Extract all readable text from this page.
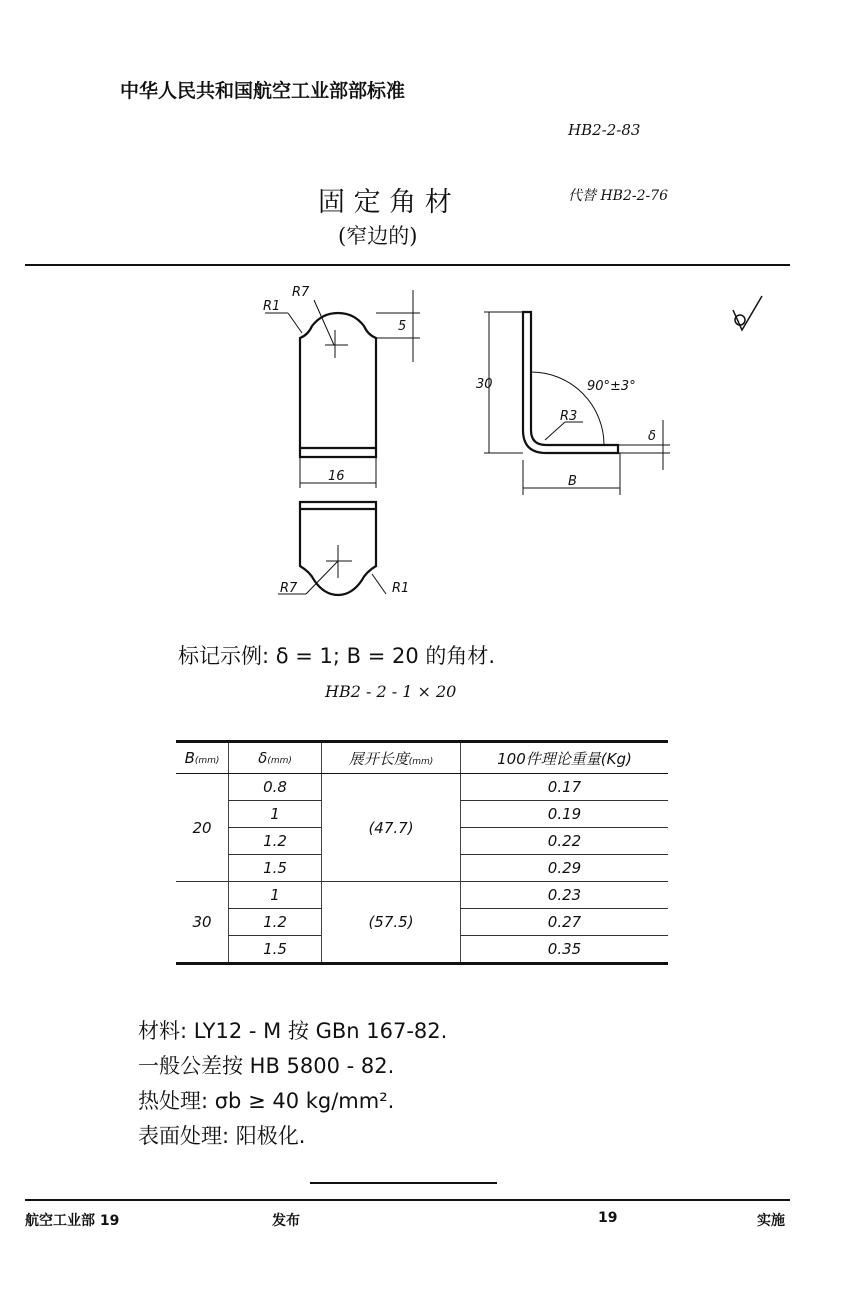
中华人民共和国航空工业部部标准
HB2-2-83
固 定 角 材	代替 HB2-2-76
(窄边的)
R7
R1
5
16
R7	R1
30	90°±3°
R3
δ
B
标记示例: δ = 1; B = 20 的角材.
HB2 - 2 - 1 × 20
B(mm)	δ(mm)	展开长度(mm)	100件理论重量(Kg)
20	0.8	(47.7)	0.17
	1		0.19
	1.2		0.22
	1.5		0.29
30	1	(57.5)	0.23
	1.2		0.27
	1.5		0.35
材料: LY12 - M 按 GBn 167-82.
一般公差按 HB 5800 - 82.
热处理: σb ≥ 40 kg/mm².
表面处理: 阳极化.
航空工业部 19	发布	19	实施
